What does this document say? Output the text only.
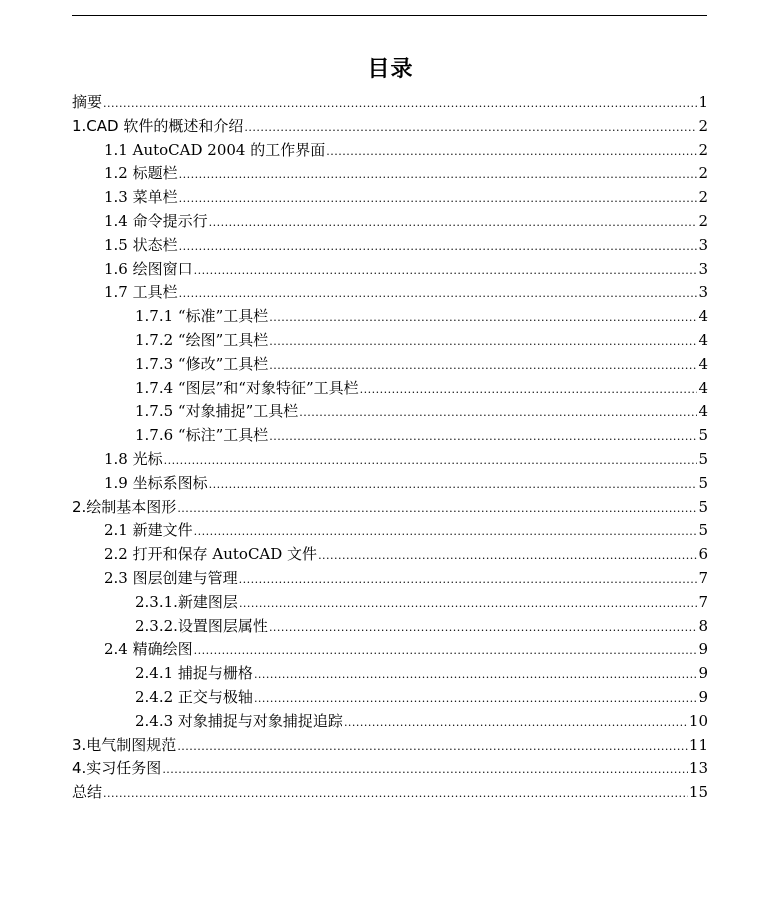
目录
摘要 .....	1
1.CAD 软件的概述和介绍 .....	2
1.1 AutoCAD 2004 的工作界面 .....	2
1.2 标题栏 .....	2
1.3 菜单栏 .....	2
1.4 命令提示行 .....	2
1.5 状态栏 .....	3
1.6 绘图窗口 .....	3
1.7 工具栏 .....	3
1.7.1 “标准”工具栏 .....	4
1.7.2 “绘图”工具栏 .....	4
1.7.3 “修改”工具栏 .....	4
1.7.4 “图层”和“对象特征”工具栏 .....	4
1.7.5 “对象捕捉”工具栏 .....	4
1.7.6 “标注”工具栏 .....	5
1.8 光标 .....	5
1.9 坐标系图标 .....	5
2.绘制基本图形 .....	5
2.1 新建文件 .....	5
2.2 打开和保存 AutoCAD 文件 .....	6
2.3 图层创建与管理 .....	7
2.3.1.新建图层 .....	7
2.3.2.设置图层属性 .....	8
2.4 精确绘图 .....	9
2.4.1 捕捉与栅格 .....	9
2.4.2 正交与极轴 .....	9
2.4.3 对象捕捉与对象捕捉追踪 .....	10
3.电气制图规范 .....	11
4.实习任务图 .....	13
总结 .....	15
